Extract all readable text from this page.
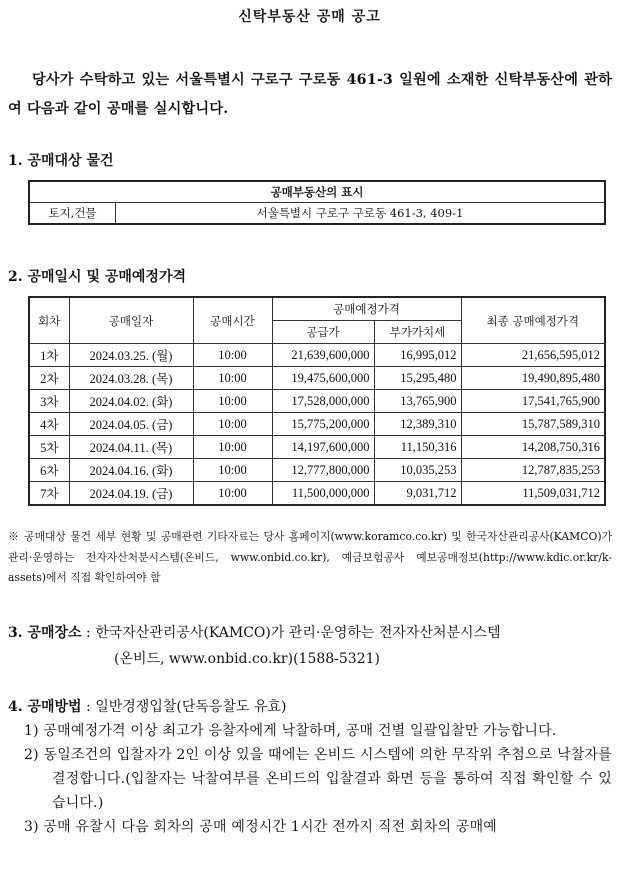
신탁부동산 공매 공고
당사가 수탁하고 있는 서울특별시 구로구 구로동 461-3 일원에 소재한 신탁부동산에 관하여 다음과 같이 공매를 실시합니다.
1. 공매대상 물건
공매부동산의 표시
토지,건물	서울특별시 구로구 구로동 461-3, 409-1
2. 공매일시 및 공매예정가격
회차	공매일자	공매시간	공매예정가격		최종 공매예정가격
			공급가	부가가치세	
1차	2024.03.25. (월)	10:00	21,639,600,000	16,995,012	21,656,595,012
2차	2024.03.28. (목)	10:00	19,475,600,000	15,295,480	19,490,895,480
3차	2024.04.02. (화)	10:00	17,528,000,000	13,765,900	17,541,765,900
4차	2024.04.05. (금)	10:00	15,775,200,000	12,389,310	15,787,589,310
5차	2024.04.11. (목)	10:00	14,197,600,000	11,150,316	14,208,750,316
6차	2024.04.16. (화)	10:00	12,777,800,000	10,035,253	12,787,835,253
7차	2024.04.19. (금)	10:00	11,500,000,000	9,031,712	11,509,031,712
※ 공매대상 물건 세부 현황 및 공매관련 기타자료는 당사 홈페이지(www.koramco.co.kr) 및 한국자산관리공사(KAMCO)가 관리·운영하는 전자자산처분시스템(온비드, www.onbid.co.kr), 예금보험공사 예보공매정보(http://www.kdic.or.kr/k-assets)에서 직접 확인하여야 함
3. 공매장소 : 한국자산관리공사(KAMCO)가 관리·운영하는 전자자산처분시스템
(온비드, www.onbid.co.kr)(1588-5321)
4. 공매방법 : 일반경쟁입찰(단독응찰도 유효)
1) 공매예정가격 이상 최고가 응찰자에게 낙찰하며, 공매 건별 일괄입찰만 가능합니다.
2) 동일조건의 입찰자가 2인 이상 있을 때에는 온비드 시스템에 의한 무작위 추첨으로 낙찰자를 결정합니다.(입찰자는 낙찰여부를 온비드의 입찰결과 화면 등을 통하여 직접 확인할 수 있습니다.)
3) 공매 유찰시 다음 회차의 공매 예정시간 1시간 전까지 직전 회차의 공매예
